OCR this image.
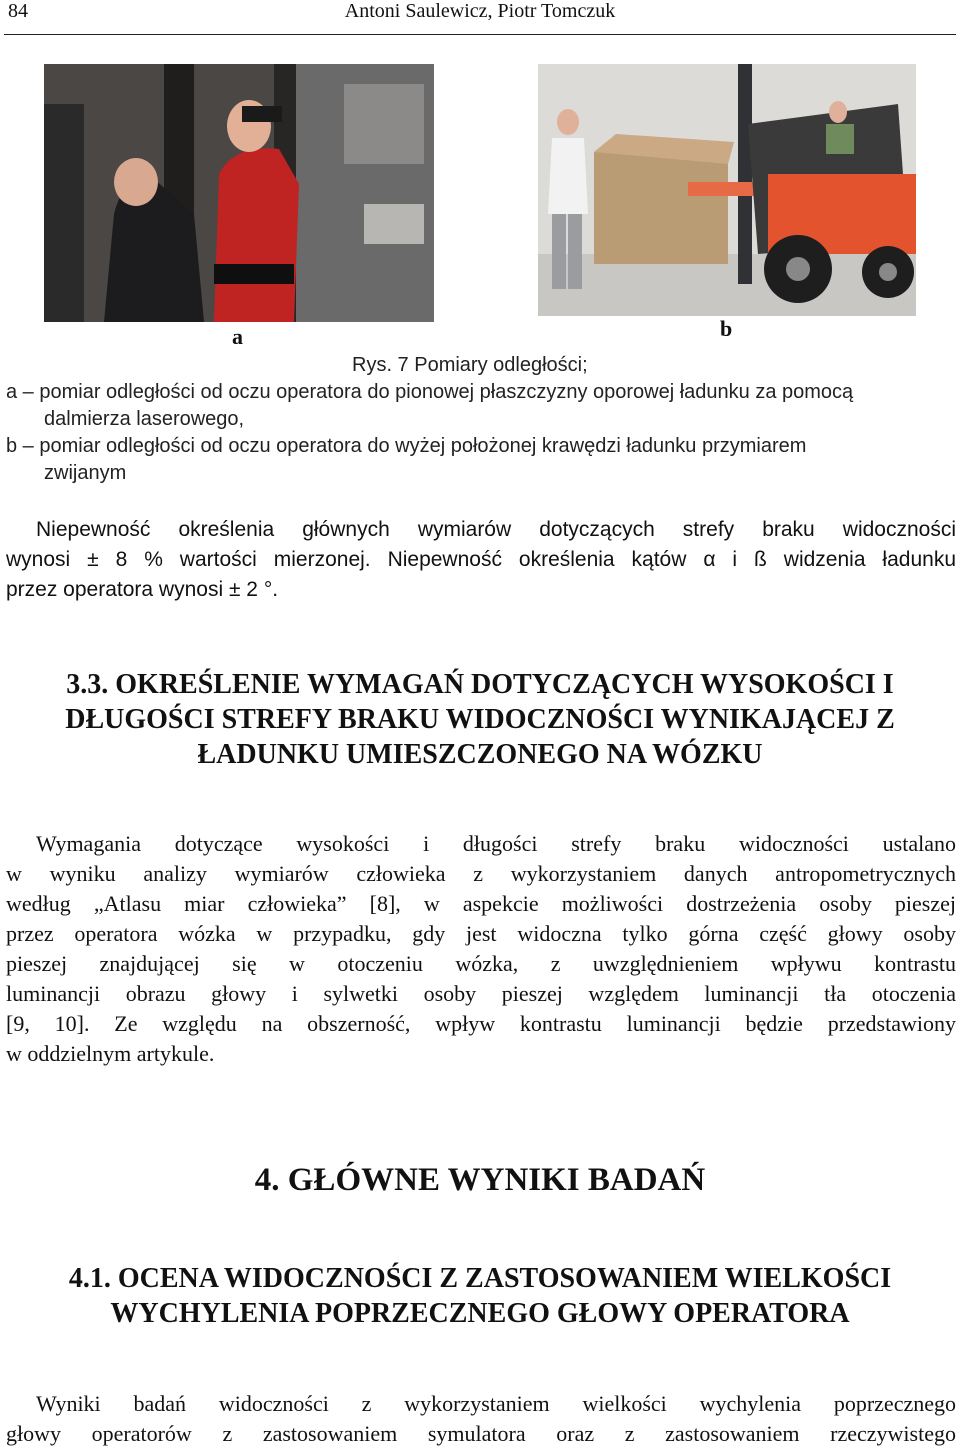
84	Antoni Saulewicz, Piotr Tomczuk
a	b
Rys. 7 Pomiary odległości;
a – pomiar odległości od oczu operatora do pionowej płaszczyzny oporowej ładunku za pomocą
dalmierza laserowego,
b – pomiar odległości od oczu operatora do wyżej położonej krawędzi ładunku przymiarem
zwijanym
Niepewność określenia głównych wymiarów dotyczących strefy braku widoczności
wynosi ± 8 % wartości mierzonej. Niepewność określenia kątów α i ß widzenia ładunku
przez operatora wynosi ± 2 °.
3.3. OKREŚLENIE WYMAGAŃ DOTYCZĄCYCH WYSOKOŚCI I
DŁUGOŚCI STREFY BRAKU WIDOCZNOŚCI WYNIKAJĄCEJ Z
ŁADUNKU UMIESZCZONEGO NA WÓZKU
Wymagania dotyczące wysokości i długości strefy braku widoczności ustalano
w wyniku analizy wymiarów człowieka z wykorzystaniem danych antropometrycznych
według „Atlasu miar człowieka” [8], w aspekcie możliwości dostrzeżenia osoby pieszej
przez operatora wózka w przypadku, gdy jest widoczna tylko górna część głowy osoby
pieszej znajdującej się w otoczeniu wózka, z uwzględnieniem wpływu kontrastu
luminancji obrazu głowy i sylwetki osoby pieszej względem luminancji tła otoczenia
[9, 10]. Ze względu na obszerność, wpływ kontrastu luminancji będzie przedstawiony
w oddzielnym artykule.
4. GŁÓWNE WYNIKI BADAŃ
4.1. OCENA WIDOCZNOŚCI Z ZASTOSOWANIEM WIELKOŚCI
WYCHYLENIA POPRZECZNEGO GŁOWY OPERATORA
Wyniki badań widoczności z wykorzystaniem wielkości wychylenia poprzecznego
głowy operatorów z zastosowaniem symulatora oraz z zastosowaniem rzeczywistego
